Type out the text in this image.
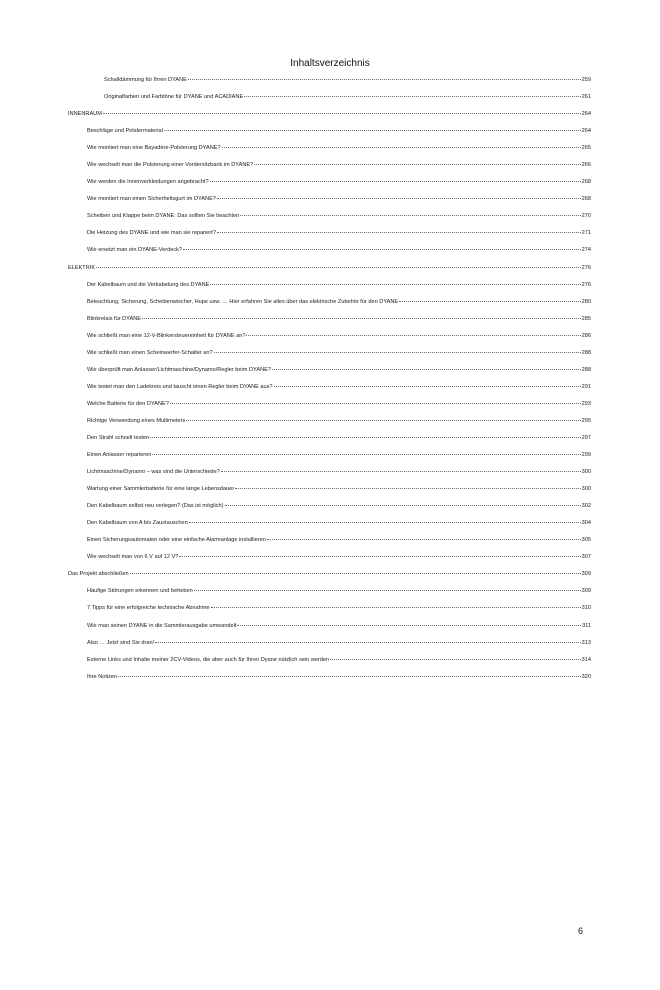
Inhaltsverzeichnis
Schalldämmung für Ihren DYANE	259
Originalfarben und Farbtöne für DYANE und ACADIANE	261
INNENRAUM	264
Beschläge und Polstermaterial	264
Wie montiert man eine Bayadère-Polsterung DYANE?	265
Wie wechselt man die Polsterung einer Vordersitzbank im DYANE?	266
Wie werden die Innenverkleidungen angebracht?	268
Wie montiert man einen Sicherheitsgurt im DYANE?	268
Scheiben und Klappe beim DYANE: Das sollten Sie beachten	270
Die Heizung des DYANE und wie man sie repariert?	271
Wie ersetzt man ein DYANE-Verdeck?	274
ELEKTRIK	276
Der Kabelbaum und die Verkabelung des DYANE	276
Beleuchtung, Sicherung, Scheibenwischer, Hupe usw. … Hier erfahren Sie alles über das elektrische Zubehör für den DYANE	280
Blinkrelais für DYANE	285
Wie schließt man eine 12-V-Blinkersteuereinheit für DYANE an?	286
Wie schließt man einen Scheinwerfer-Schalter an?	288
Wie überprüft man Anlasser/Lichtmaschine/Dynamo/Regler beim DYANE?	288
Wie testet man den Ladekreis und tauscht einen Regler beim DYANE aus?	291
Welche Batterie für den DYANE?	293
Richtige Verwendung eines Multimeters	295
Den Strahl schnell testen	297
Einen Anlasser reparieren	299
Lichtmaschine/Dynamo – was sind die Unterschiede?	300
Wartung einer Sammlerbatterie für eine lange Lebensdauer	300
Den Kabelbaum selbst neu verlegen? (Das ist möglich)	302
Den Kabelbaum von A bis Zaustauschen	304
Einen Sicherungsautomaten oder eine einfache Alarmanlage installieren	305
Wie wechselt man von 6 V auf 12 V?	307
Das Projekt abschließen	309
Häufige Störungen erkennen und beheben	309
7 Tipps für eine erfolgreiche technische Abnahme	310
Wie man seinen DYANE in die Sammlerausgabe umwandelt	311
Also … Jetzt sind Sie dran!	313
Externe Links und Inhalte meiner 2CV-Videos, die aber auch für Ihren Dyane nützlich sein werden	314
Ihre Notizen	320
6
